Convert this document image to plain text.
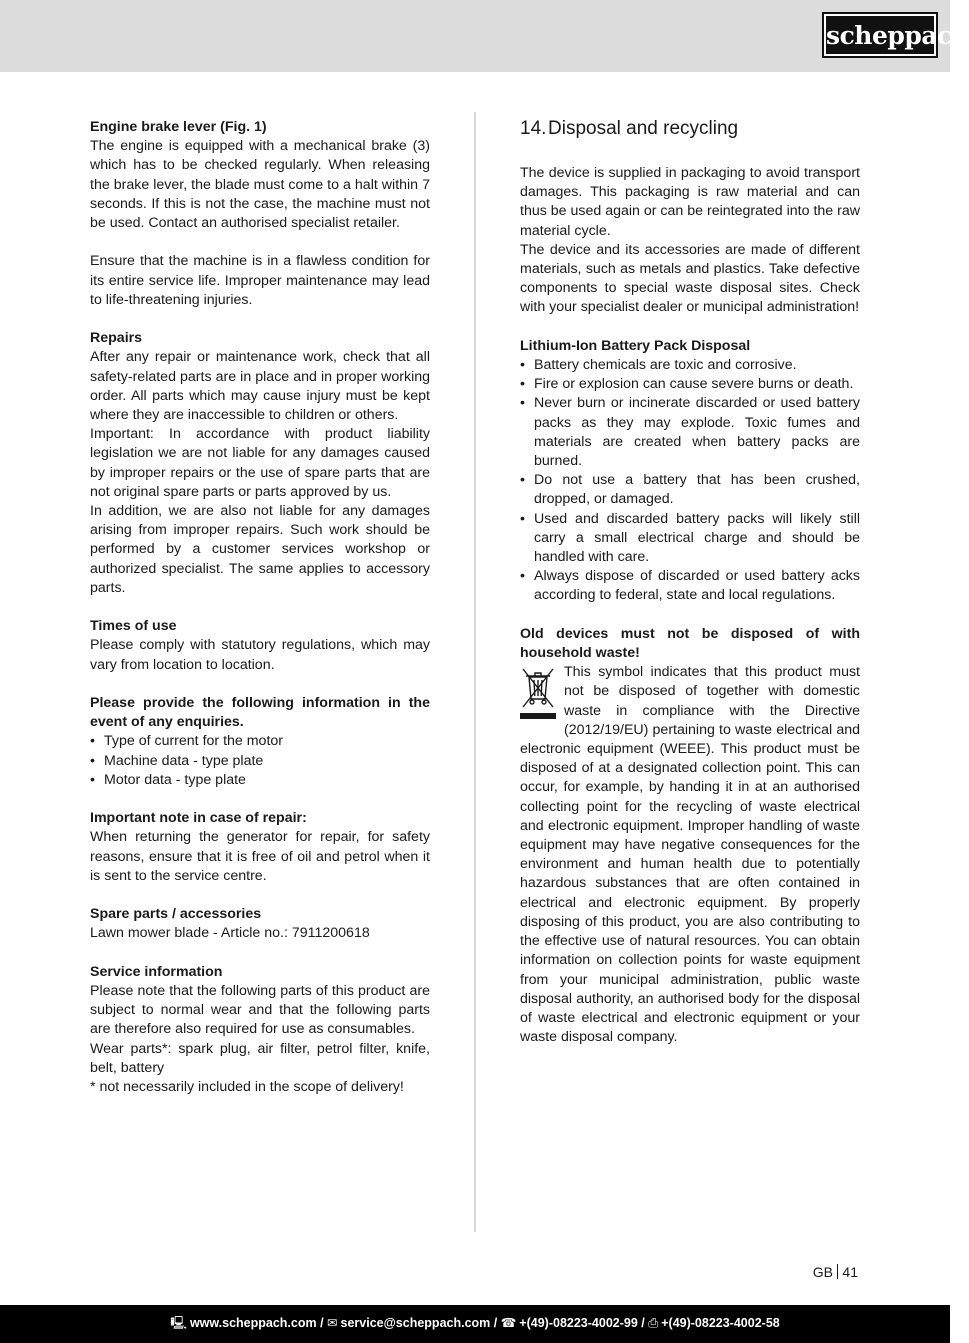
scheppach
Engine brake lever (Fig. 1)
The engine is equipped with a mechanical brake (3) which has to be checked regularly. When releasing the brake lever, the blade must come to a halt within 7 seconds. If this is not the case, the machine must not be used. Contact an authorised specialist retailer.
Ensure that the machine is in a flawless condition for its entire service life. Improper maintenance may lead to life-threatening injuries.
Repairs
After any repair or maintenance work, check that all safety-related parts are in place and in proper working order. All parts which may cause injury must be kept where they are inaccessible to children or others.
Important: In accordance with product liability legislation we are not liable for any damages caused by improper repairs or the use of spare parts that are not original spare parts or parts approved by us.
In addition, we are also not liable for any damages arising from improper repairs. Such work should be performed by a customer services workshop or authorized specialist. The same applies to accessory parts.
Times of use
Please comply with statutory regulations, which may vary from location to location.
Please provide the following information in the event of any enquiries.
• Type of current for the motor
• Machine data - type plate
• Motor data - type plate
Important note in case of repair:
When returning the generator for repair, for safety reasons, ensure that it is free of oil and petrol when it is sent to the service centre.
Spare parts / accessories
Lawn mower blade - Article no.: 7911200618
Service information
Please note that the following parts of this product are subject to normal wear and that the following parts are therefore also required for use as consumables.
Wear parts*: spark plug, air filter, petrol filter, knife, belt, battery
* not necessarily included in the scope of delivery!
14.Disposal and recycling
The device is supplied in packaging to avoid transport damages. This packaging is raw material and can thus be used again or can be reintegrated into the raw material cycle.
The device and its accessories are made of different materials, such as metals and plastics. Take defective components to special waste disposal sites. Check with your specialist dealer or municipal administration!
Lithium-Ion Battery Pack Disposal
• Battery chemicals are toxic and corrosive.
• Fire or explosion can cause severe burns or death.
• Never burn or incinerate discarded or used battery packs as they may explode. Toxic fumes and materials are created when battery packs are burned.
• Do not use a battery that has been crushed, dropped, or damaged.
• Used and discarded battery packs will likely still carry a small electrical charge and should be handled with care.
• Always dispose of discarded or used battery acks according to federal, state and local regulations.
Old devices must not be disposed of with household waste!
This symbol indicates that this product must not be disposed of together with domestic waste in compliance with the Directive (2012/19/EU) pertaining to waste electrical and electronic equipment (WEEE). This product must be disposed of at a designated collection point. This can occur, for example, by handing it in at an authorised collecting point for the recycling of waste electrical and electronic equipment. Improper handling of waste equipment may have negative consequences for the environment and human health due to potentially hazardous substances that are often contained in electrical and electronic equipment. By properly disposing of this product, you are also contributing to the effective use of natural resources. You can obtain information on collection points for waste equipment from your municipal administration, public waste disposal authority, an authorised body for the disposal of waste electrical and electronic equipment or your waste disposal company.
GB 41
🖳 www.scheppach.com / ✉ service@scheppach.com / ☎ +(49)-08223-4002-99 / ⎙ +(49)-08223-4002-58
